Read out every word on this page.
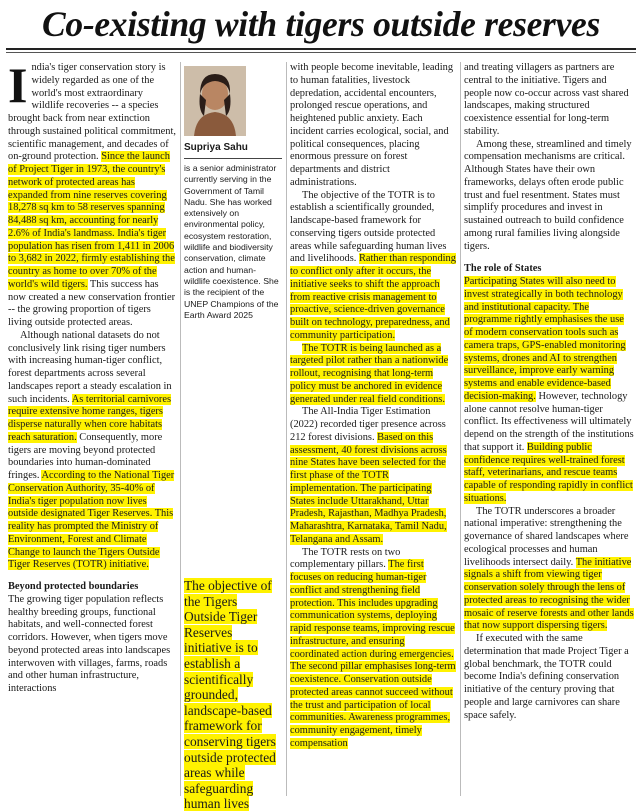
Co-existing with tigers outside reserves

India's tiger conservation story is widely regarded as one of the world's most extraordinary wildlife recoveries -- a species brought back from near extinction through sustained political commitment, scientific management, and decades of on-ground protection. Since the launch of Project Tiger in 1973, the country's network of protected areas has expanded from nine reserves covering 18,278 sq km to 58 reserves spanning 84,488 sq km, accounting for nearly 2.6% of India's landmass. India's tiger population has risen from 1,411 in 2006 to 3,682 in 2022, firmly establishing the country as home to over 70% of the world's wild tigers. This success has now created a new conservation frontier -- the growing proportion of tigers living outside protected areas.

Although national datasets do not conclusively link rising tiger numbers with increasing human-tiger conflict, forest departments across several landscapes report a steady escalation in such incidents. As territorial carnivores require extensive home ranges, tigers disperse naturally when core habitats reach saturation. Consequently, more tigers are moving beyond protected boundaries into human-dominated fringes. According to the National Tiger Conservation Authority, 35-40% of India's tiger population now lives outside designated Tiger Reserves. This reality has prompted the Ministry of Environment, Forest and Climate Change to launch the Tigers Outside Tiger Reserves (TOTR) initiative.

Beyond protected boundaries

The growing tiger population reflects healthy breeding groups, functional habitats, and well-connected forest corridors. However, when tigers move beyond protected areas into landscapes interwoven with villages, farms, roads and other human infrastructure, interactions

Supriya Sahu
is a senior administrator currently serving in the Government of Tamil Nadu. She has worked extensively on environmental policy, ecosystem restoration, wildlife and biodiversity conservation, climate action and human-wildlife coexistence. She is the recipient of the UNEP Champions of the Earth Award 2025
The objective of the Tigers Outside Tiger Reserves initiative is to establish a scientifically grounded, landscape-based framework for conserving tigers outside protected areas while safeguarding human lives

with people become inevitable, leading to human fatalities, livestock depredation, accidental encounters, prolonged rescue operations, and heightened public anxiety. Each incident carries ecological, social, and political consequences, placing enormous pressure on forest departments and district administrations.

The objective of the TOTR is to establish a scientifically grounded, landscape-based framework for conserving tigers outside protected areas while safeguarding human lives and livelihoods. Rather than responding to conflict only after it occurs, the initiative seeks to shift the approach from reactive crisis management to proactive, science-driven governance built on technology, preparedness, and community participation.

The TOTR is being launched as a targeted pilot rather than a nationwide rollout, recognising that long-term policy must be anchored in evidence generated under real field conditions.

The All-India Tiger Estimation (2022) recorded tiger presence across 212 forest divisions. Based on this assessment, 40 forest divisions across nine States have been selected for the first phase of the TOTR implementation. The participating States include Uttarakhand, Uttar Pradesh, Rajasthan, Madhya Pradesh, Maharashtra, Karnataka, Tamil Nadu, Telangana and Assam.

The TOTR rests on two complementary pillars. The first focuses on reducing human-tiger conflict and strengthening field protection. This includes upgrading communication systems, deploying rapid response teams, improving rescue infrastructure, and ensuring coordinated action during emergencies. The second pillar emphasises long-term coexistence. Conservation outside protected areas cannot succeed without the trust and participation of local communities. Awareness programmes, community engagement, timely compensation

and treating villagers as partners are central to the initiative. Tigers and people now co-occur across vast shared landscapes, making structured coexistence essential for long-term stability.

Among these, streamlined and timely compensation mechanisms are critical. Although States have their own frameworks, delays often erode public trust and fuel resentment. States must simplify procedures and invest in sustained outreach to build confidence among rural families living alongside tigers.

The role of States

Participating States will also need to invest strategically in both technology and institutional capacity. The programme rightly emphasises the use of modern conservation tools such as camera traps, GPS-enabled monitoring systems, drones and AI to strengthen surveillance, improve early warning systems and enable evidence-based decision-making. However, technology alone cannot resolve human-tiger conflict. Its effectiveness will ultimately depend on the strength of the institutions that support it. Building public confidence requires well-trained forest staff, veterinarians, and rescue teams capable of responding rapidly in conflict situations.

The TOTR underscores a broader national imperative: strengthening the governance of shared landscapes where ecological processes and human livelihoods intersect daily. The initiative signals a shift from viewing tiger conservation solely through the lens of protected areas to recognising the wider mosaic of reserve forests and other lands that now support dispersing tigers.

If executed with the same determination that made Project Tiger a global benchmark, the TOTR could become India's defining conservation initiative of the century proving that people and large carnivores can share space safely.
